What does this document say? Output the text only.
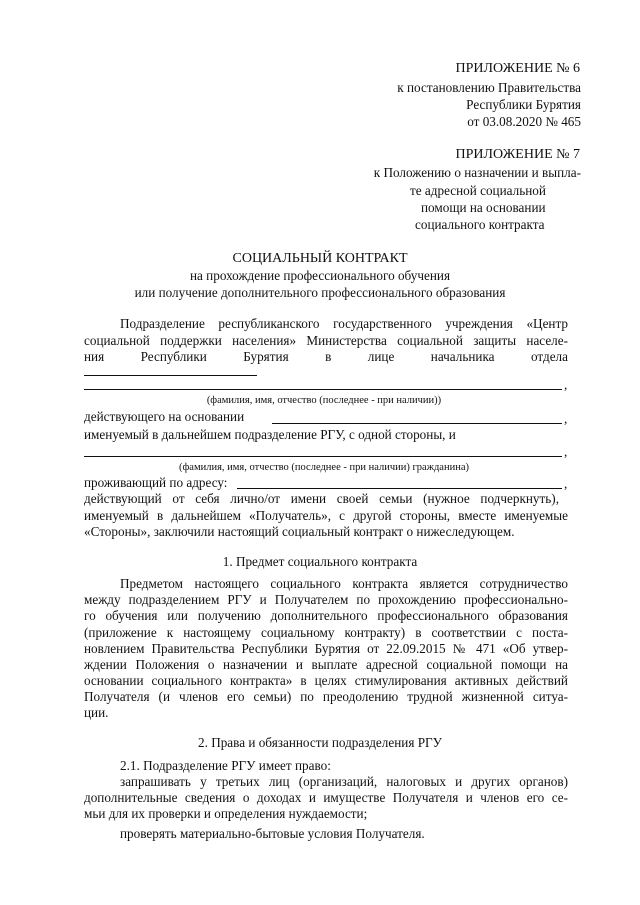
ПРИЛОЖЕНИЕ № 6
к постановлению Правительства
Республики Бурятия
от 03.08.2020 № 465
ПРИЛОЖЕНИЕ № 7
к Положению о назначении и выпла-
те адресной социальной
помощи на основании
социального контракта
СОЦИАЛЬНЫЙ КОНТРАКТ
на прохождение профессионального обучения
или получение дополнительного профессионального образования
Подразделение республиканского государственного учреждения «Центр
социальной поддержки населения» Министерства социальной защиты населе-
ния Республики Бурятия в лице начальника отдела
,
(фамилия, имя, отчество (последнее - при наличии))
действующего на основании	,
именуемый в дальнейшем подразделение РГУ, с одной стороны, и
,
(фамилия, имя, отчество (последнее - при наличии) гражданина)
проживающий по адресу:	,
действующий от себя лично/от имени своей семьи (нужное подчеркнуть),
именуемый в дальнейшем «Получатель», с другой стороны, вместе именуемые
«Стороны», заключили настоящий социальный контракт о нижеследующем.
1. Предмет социального контракта
Предметом настоящего социального контракта является сотрудничество
между подразделением РГУ и Получателем по прохождению профессионально-
го обучения или получению дополнительного профессионального образования
(приложение к настоящему социальному контракту) в соответствии с поста-
новлением Правительства Республики Бурятия от 22.09.2015 № 471 «Об утвер-
ждении Положения о назначении и выплате адресной социальной помощи на
основании социального контракта» в целях стимулирования активных действий
Получателя (и членов его семьи) по преодолению трудной жизненной ситуа-
ции.
2. Права и обязанности подразделения РГУ
2.1. Подразделение РГУ имеет право:
запрашивать у третьих лиц (организаций, налоговых и других органов)
дополнительные сведения о доходах и имуществе Получателя и членов его се-
мьи для их проверки и определения нуждаемости;
проверять материально-бытовые условия Получателя.
